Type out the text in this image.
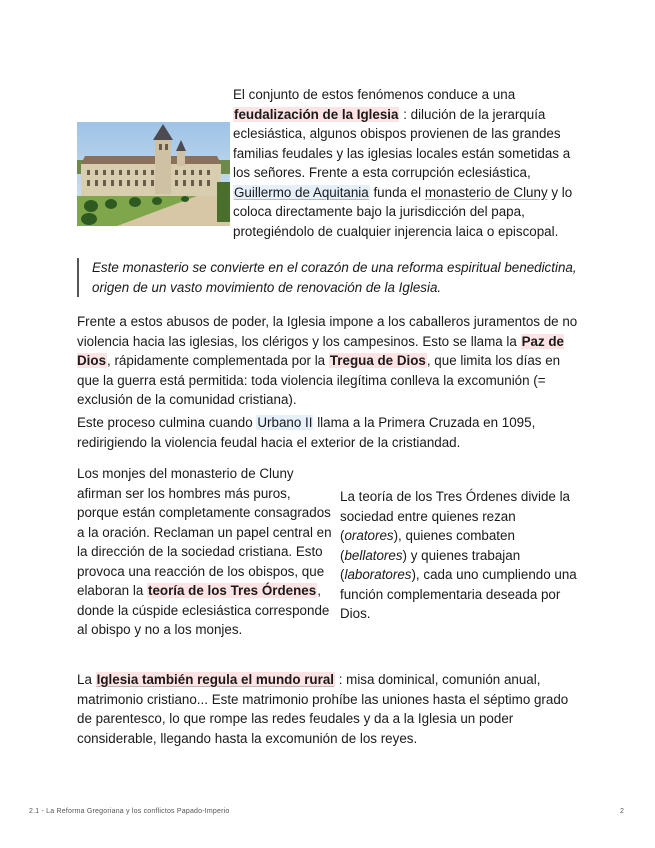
El conjunto de estos fenómenos conduce a una feudalización de la Iglesia : dilución de la jerarquía eclesiástica, algunos obispos provienen de las grandes familias feudales y las iglesias locales están sometidas a los señores. Frente a esta corrupción eclesiástica, Guillermo de Aquitania funda el monasterio de Cluny y lo coloca directamente bajo la jurisdicción del papa, protegiéndolo de cualquier injerencia laica o episcopal.

Este monasterio se convierte en el corazón de una reforma espiritual benedictina, origen de un vasto movimiento de renovación de la Iglesia.

Frente a estos abusos de poder, la Iglesia impone a los caballeros juramentos de no violencia hacia las iglesias, los clérigos y los campesinos. Esto se llama la Paz de Dios, rápidamente complementada por la Tregua de Dios, que limita los días en que la guerra está permitida: toda violencia ilegítima conlleva la excomunión (= exclusión de la comunidad cristiana).

Este proceso culmina cuando Urbano II llama a la Primera Cruzada en 1095, redirigiendo la violencia feudal hacia el exterior de la cristiandad.

Los monjes del monasterio de Cluny afirman ser los hombres más puros, porque están completamente consagrados a la oración. Reclaman un papel central en la dirección de la sociedad cristiana. Esto provoca una reacción de los obispos, que elaboran la teoría de los Tres Órdenes, donde la cúspide eclesiástica corresponde al obispo y no a los monjes.

La teoría de los Tres Órdenes divide la sociedad entre quienes rezan (oratores), quienes combaten (bellatores) y quienes trabajan (laboratores), cada uno cumpliendo una función complementaria deseada por Dios.

La Iglesia también regula el mundo rural : misa dominical, comunión anual, matrimonio cristiano... Este matrimonio prohíbe las uniones hasta el séptimo grado de parentesco, lo que rompe las redes feudales y da a la Iglesia un poder considerable, llegando hasta la excomunión de los reyes.

2.1 - La Reforma Gregoriana y los conflictos Papado-Imperio	2
